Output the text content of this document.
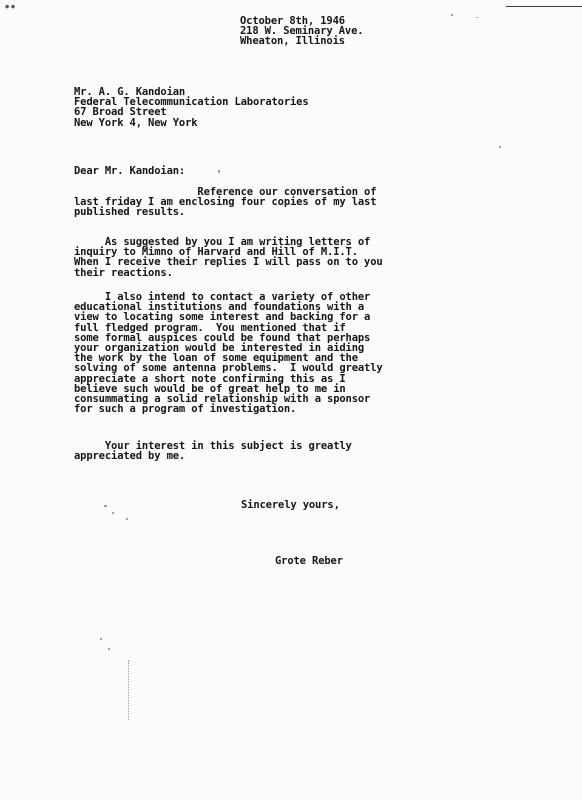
∙∙
October 8th, 1946
218 W. Seminary Ave.
Wheaton, Illinois
Mr. A. G. Kandoian
Federal Telecommunication Laboratories
67 Broad Street
New York 4, New York
Dear Mr. Kandoian:
Reference our conversation of
last friday I am enclosing four copies of my last
published results.
As suggested by you I am writing letters of
inquiry to Mimno of Harvard and Hill of M.I.T.
When I receive their replies I will pass on to you
their reactions.
I also intend to contact a variety of other
educational institutions and foundations with a
view to locating some interest and backing for a
full fledged program.  You mentioned that if
some formal auspices could be found that perhaps
your organization would be interested in aiding
the work by the loan of some equipment and the
solving of some antenna problems.  I would greatly
appreciate a short note confirming this as I
believe such would be of great help to me in
consummating a solid relationship with a sponsor
for such a program of investigation.
Your interest in this subject is greatly
appreciated by me.
Sincerely yours,
Grote Reber
